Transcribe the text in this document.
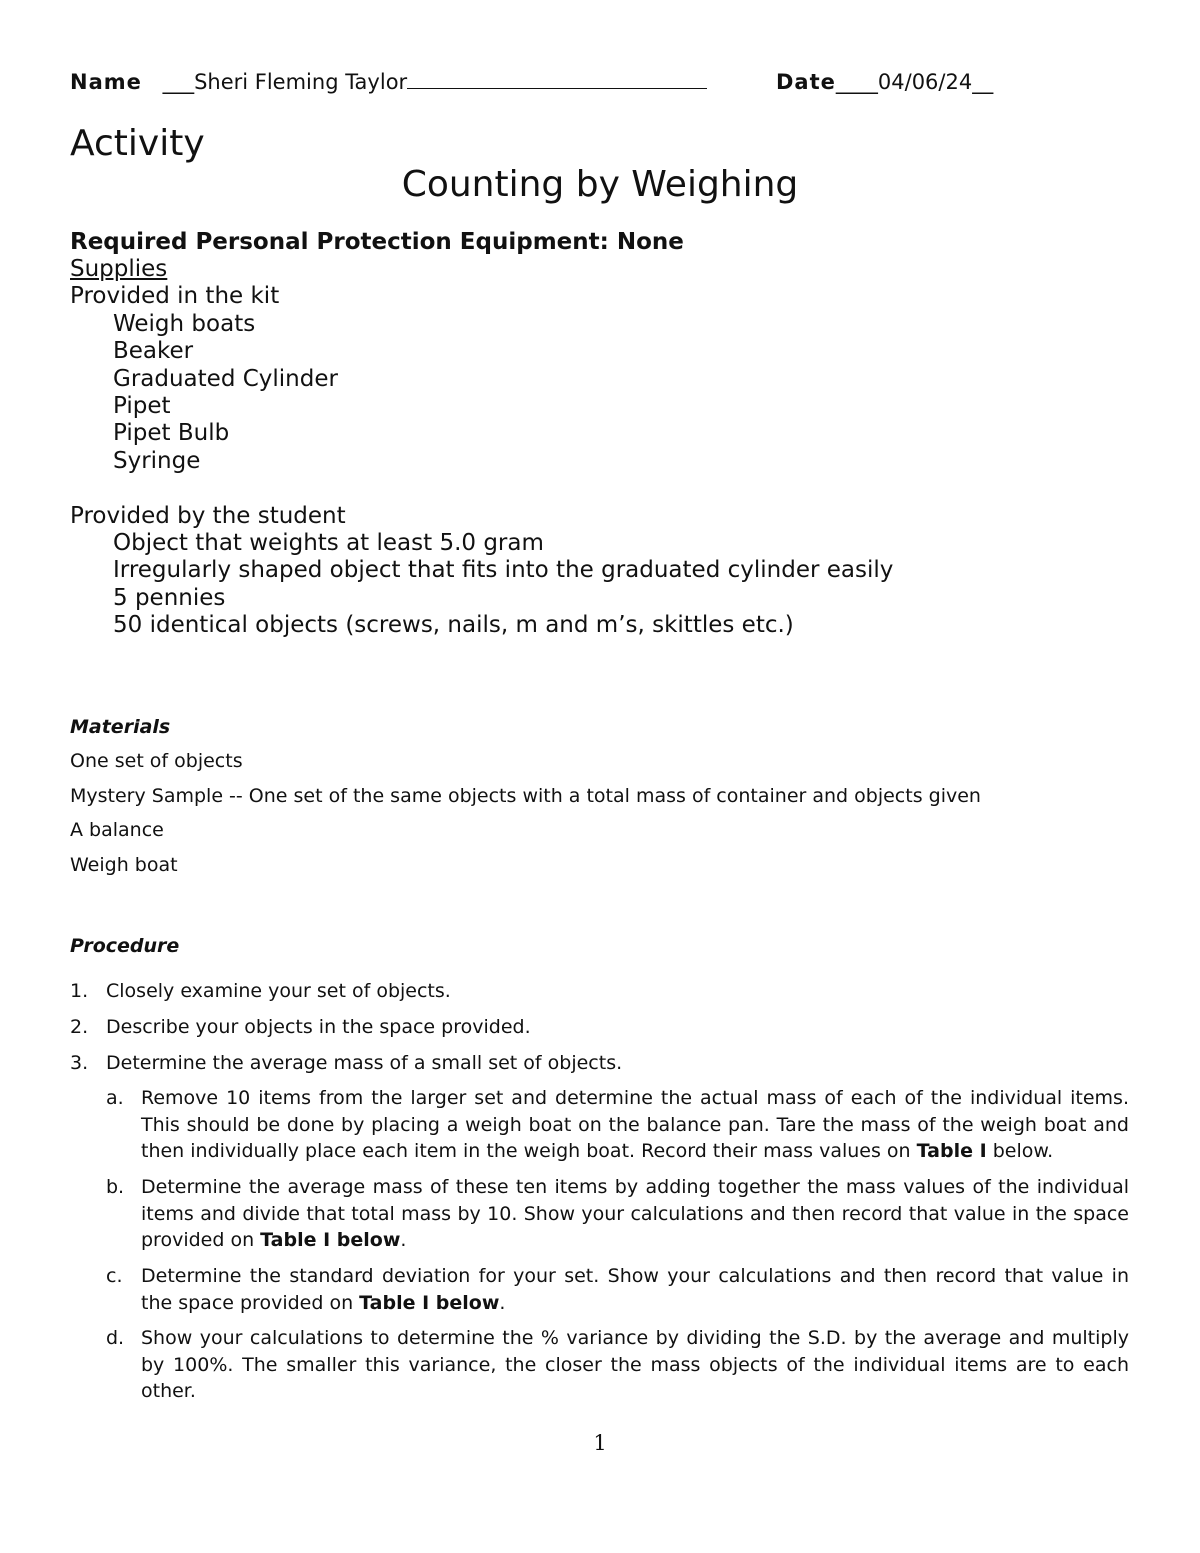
Name ___Sheri Fleming Taylor	Date____04/06/24__
Activity
Counting by Weighing
Required Personal Protection Equipment: None
Supplies
Provided in the kit
Weigh boats
Beaker
Graduated Cylinder
Pipet
Pipet Bulb
Syringe
Provided by the student
Object that weights at least 5.0 gram
Irregularly shaped object that fits into the graduated cylinder easily
5 pennies
50 identical objects (screws, nails, m and m’s, skittles etc.)
Materials
One set of objects
Mystery Sample -- One set of the same objects with a total mass of container and objects given
A balance
Weigh boat
Procedure
1. Closely examine your set of objects.
2. Describe your objects in the space provided.
3. Determine the average mass of a small set of objects.
a. Remove 10 items from the larger set and determine the actual mass of each of the individual items. This should be done by placing a weigh boat on the balance pan. Tare the mass of the weigh boat and then individually place each item in the weigh boat. Record their mass values on Table I below.
b. Determine the average mass of these ten items by adding together the mass values of the individual items and divide that total mass by 10. Show your calculations and then record that value in the space provided on Table I below.
c. Determine the standard deviation for your set. Show your calculations and then record that value in the space provided on Table I below.
d. Show your calculations to determine the % variance by dividing the S.D. by the average and multiply by 100%. The smaller this variance, the closer the mass objects of the individual items are to each other.
1
